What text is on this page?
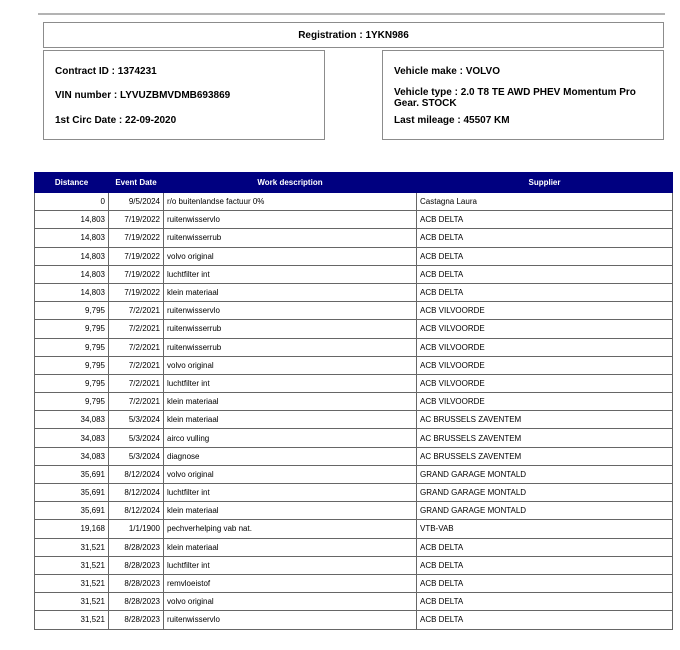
Registration : 1YKN986
Contract ID : 1374231
VIN number : LYVUZBMVDMB693869
1st Circ Date : 22-09-2020
Vehicle make : VOLVO
Vehicle type : 2.0 T8 TE AWD PHEV Momentum Pro Gear. STOCK
Last mileage : 45507 KM
Distance	Event Date	Work description	Supplier
0	9/5/2024	r/o buitenlandse factuur 0%	Castagna Laura
14,803	7/19/2022	ruitenwisservlo	ACB DELTA
14,803	7/19/2022	ruitenwisserrub	ACB DELTA
14,803	7/19/2022	volvo original	ACB DELTA
14,803	7/19/2022	luchtfilter int	ACB DELTA
14,803	7/19/2022	klein materiaal	ACB DELTA
9,795	7/2/2021	ruitenwisservlo	ACB VILVOORDE
9,795	7/2/2021	ruitenwisserrub	ACB VILVOORDE
9,795	7/2/2021	ruitenwisserrub	ACB VILVOORDE
9,795	7/2/2021	volvo original	ACB VILVOORDE
9,795	7/2/2021	luchtfilter int	ACB VILVOORDE
9,795	7/2/2021	klein materiaal	ACB VILVOORDE
34,083	5/3/2024	klein materiaal	AC BRUSSELS ZAVENTEM
34,083	5/3/2024	airco vulling	AC BRUSSELS ZAVENTEM
34,083	5/3/2024	diagnose	AC BRUSSELS ZAVENTEM
35,691	8/12/2024	volvo original	GRAND GARAGE MONTALD
35,691	8/12/2024	luchtfilter int	GRAND GARAGE MONTALD
35,691	8/12/2024	klein materiaal	GRAND GARAGE MONTALD
19,168	1/1/1900	pechverhelping vab nat.	VTB-VAB
31,521	8/28/2023	klein materiaal	ACB DELTA
31,521	8/28/2023	luchtfilter int	ACB DELTA
31,521	8/28/2023	remvloeistof	ACB DELTA
31,521	8/28/2023	volvo original	ACB DELTA
31,521	8/28/2023	ruitenwisservlo	ACB DELTA
